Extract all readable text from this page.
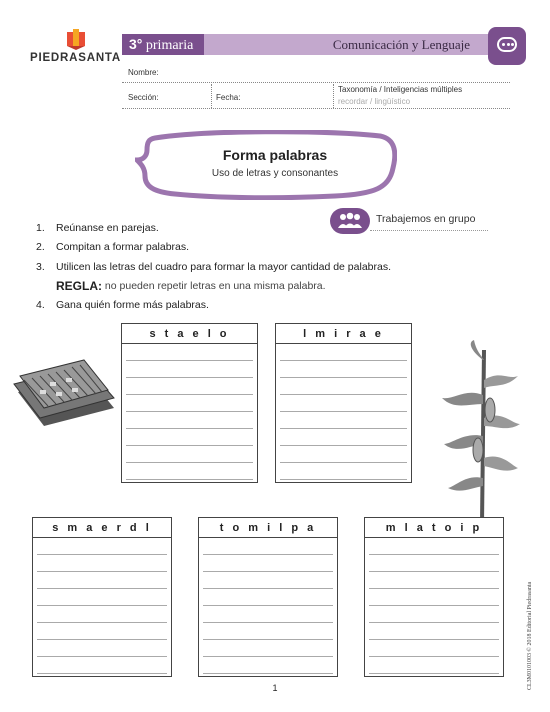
PIEDRASANTA
3° primaria	Comunicación y Lenguaje
Nombre:
Sección:	Fecha:
Taxonomía / Inteligencias múltiples
recordar / lingüístico
Forma palabras
Uso de letras y consonantes
Trabajemos en grupo
1.	Reúnanse en parejas.
2.	Compitan a formar palabras.
3.	Utilicen las letras del cuadro para formar la mayor cantidad de palabras.
REGLA:
no pueden repetir letras en una misma palabra.
4.	Gana quién forme más palabras.
s t a e l o	l m i r a e
s m a e r d l	t o m i l p a	m l a t o i p
CL3M0101003 © 2018 Editorial Piedrasanta
1
